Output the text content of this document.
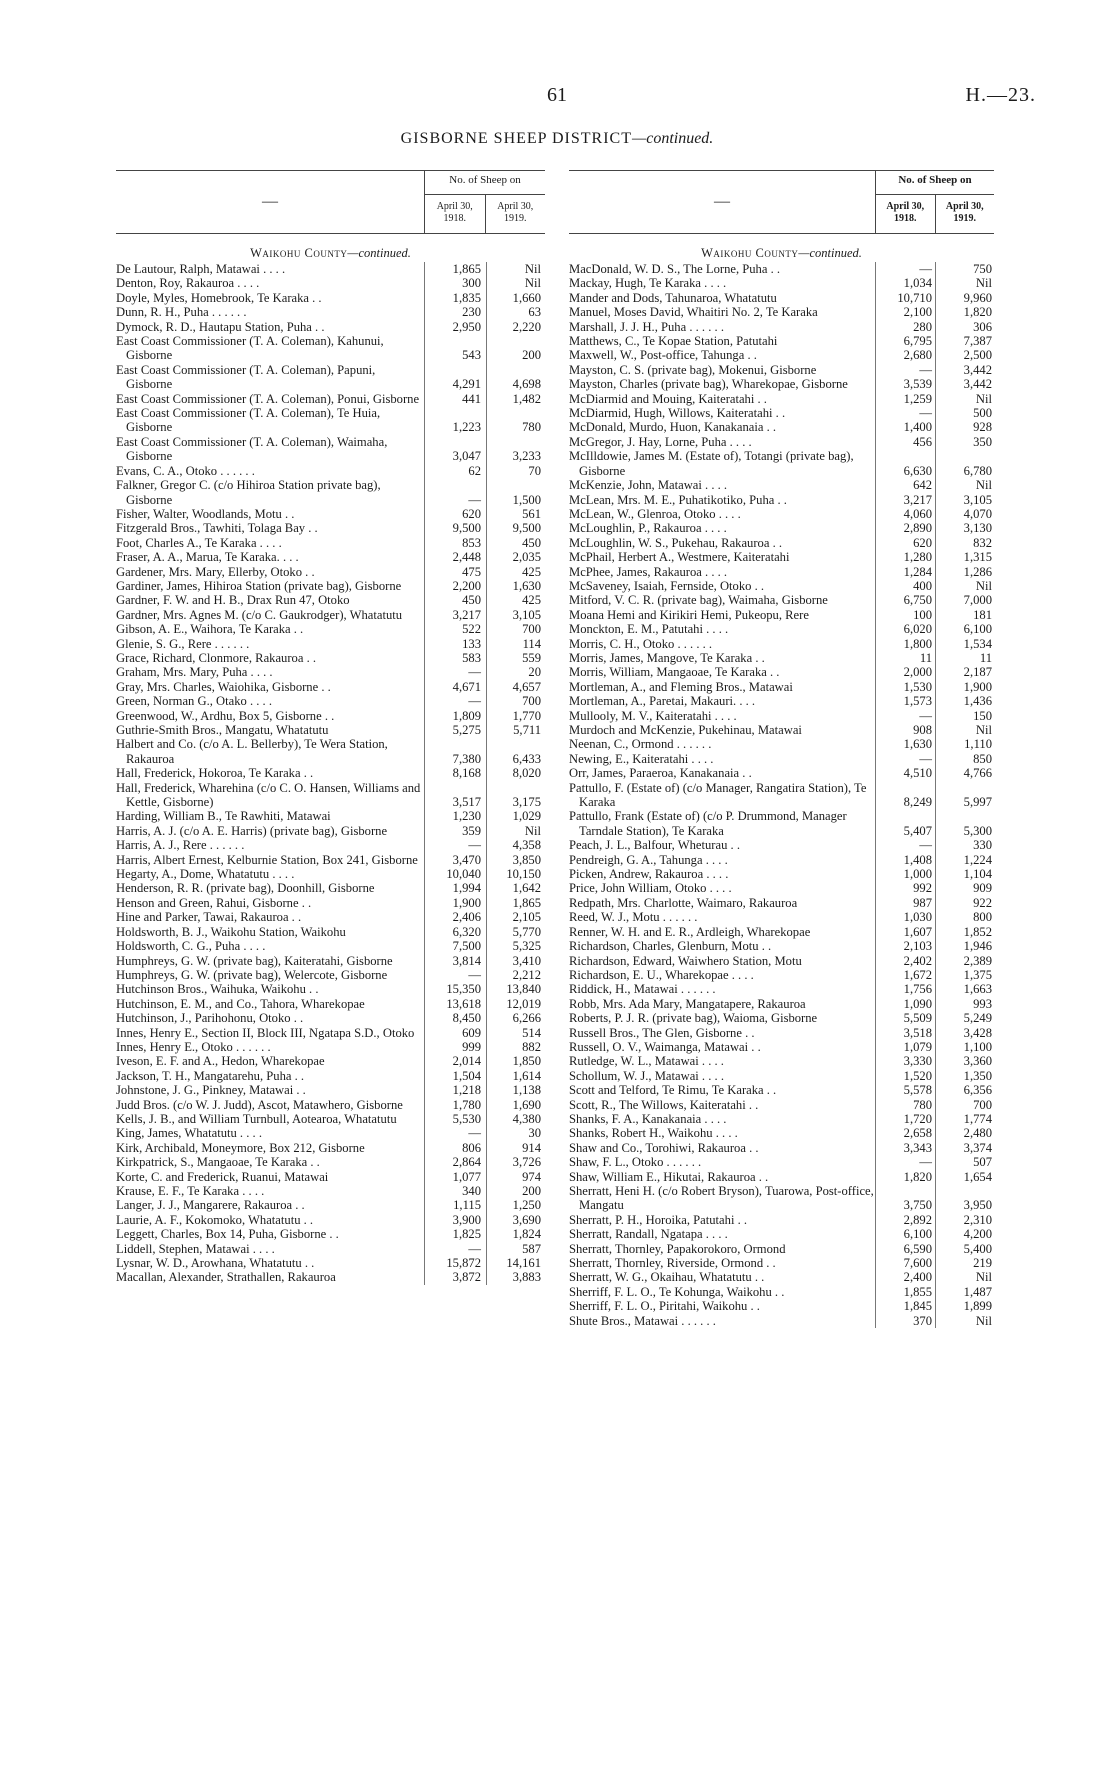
61	H.—23.
GISBORNE SHEEP DISTRICT—continued.
—
No. of Sheep on
April 30, 1918.
April 30, 1919.
Waikohu County—continued.
De Lautour, Ralph, Matawai . . . .	1,865	Nil
Denton, Roy, Rakauroa . . . .	300	Nil
Doyle, Myles, Homebrook, Te Karaka . .	1,835	1,660
Dunn, R. H., Puha . . . . . .	230	63
Dymock, R. D., Hautapu Station, Puha . .	2,950	2,220
East Coast Commissioner (T. A. Coleman), Kahunui, Gisborne	543	200
East Coast Commissioner (T. A. Coleman), Papuni, Gisborne	4,291	4,698
East Coast Commissioner (T. A. Coleman), Ponui, Gisborne	441	1,482
East Coast Commissioner (T. A. Coleman), Te Huia, Gisborne	1,223	780
East Coast Commissioner (T. A. Coleman), Waimaha, Gisborne	3,047	3,233
Evans, C. A., Otoko . . . . . .	62	70
Falkner, Gregor C. (c/o Hihiroa Station private bag), Gisborne	—	1,500
Fisher, Walter, Woodlands, Motu . .	620	561
Fitzgerald Bros., Tawhiti, Tolaga Bay . .	9,500	9,500
Foot, Charles A., Te Karaka . . . .	853	450
Fraser, A. A., Marua, Te Karaka. . . .	2,448	2,035
Gardener, Mrs. Mary, Ellerby, Otoko . .	475	425
Gardiner, James, Hihiroa Station (private bag), Gisborne	2,200	1,630
Gardner, F. W. and H. B., Drax Run 47, Otoko	450	425
Gardner, Mrs. Agnes M. (c/o C. Gaukrodger), Whatatutu	3,217	3,105
Gibson, A. E., Waihora, Te Karaka . .	522	700
Glenie, S. G., Rere . . . . . .	133	114
Grace, Richard, Clonmore, Rakauroa . .	583	559
Graham, Mrs. Mary, Puha . . . .	—	20
Gray, Mrs. Charles, Waiohika, Gisborne . .	4,671	4,657
Green, Norman G., Otako . . . .	—	700
Greenwood, W., Ardhu, Box 5, Gisborne . .	1,809	1,770
Guthrie-Smith Bros., Mangatu, Whatatutu	5,275	5,711
Halbert and Co. (c/o A. L. Bellerby), Te Wera Station, Rakauroa	7,380	6,433
Hall, Frederick, Hokoroa, Te Karaka . .	8,168	8,020
Hall, Frederick, Wharehina (c/o C. O. Hansen, Williams and Kettle, Gisborne)	3,517	3,175
Harding, William B., Te Rawhiti, Matawai	1,230	1,029
Harris, A. J. (c/o A. E. Harris) (private bag), Gisborne	359	Nil
Harris, A. J., Rere . . . . . .	—	4,358
Harris, Albert Ernest, Kelburnie Station, Box 241, Gisborne	3,470	3,850
Hegarty, A., Dome, Whatatutu . . . .	10,040	10,150
Henderson, R. R. (private bag), Doonhill, Gisborne	1,994	1,642
Henson and Green, Rahui, Gisborne . .	1,900	1,865
Hine and Parker, Tawai, Rakauroa . .	2,406	2,105
Holdsworth, B. J., Waikohu Station, Waikohu	6,320	5,770
Holdsworth, C. G., Puha . . . .	7,500	5,325
Humphreys, G. W. (private bag), Kaiteratahi, Gisborne	3,814	3,410
Humphreys, G. W. (private bag), Welercote, Gisborne	—	2,212
Hutchinson Bros., Waihuka, Waikohu . .	15,350	13,840
Hutchinson, E. M., and Co., Tahora, Wharekopae	13,618	12,019
Hutchinson, J., Parihohonu, Otoko . .	8,450	6,266
Innes, Henry E., Section II, Block III, Ngatapa S.D., Otoko	609	514
Innes, Henry E., Otoko . . . . . .	999	882
Iveson, E. F. and A., Hedon, Wharekopae	2,014	1,850
Jackson, T. H., Mangatarehu, Puha . .	1,504	1,614
Johnstone, J. G., Pinkney, Matawai . .	1,218	1,138
Judd Bros. (c/o W. J. Judd), Ascot, Matawhero, Gisborne	1,780	1,690
Kells, J. B., and William Turnbull, Aotearoa, Whatatutu	5,530	4,380
King, James, Whatatutu . . . .	—	30
Kirk, Archibald, Moneymore, Box 212, Gisborne	806	914
Kirkpatrick, S., Mangaoae, Te Karaka . .	2,864	3,726
Korte, C. and Frederick, Ruanui, Matawai	1,077	974
Krause, E. F., Te Karaka . . . .	340	200
Langer, J. J., Mangarere, Rakauroa . .	1,115	1,250
Laurie, A. F., Kokomoko, Whatatutu . .	3,900	3,690
Leggett, Charles, Box 14, Puha, Gisborne . .	1,825	1,824
Liddell, Stephen, Matawai . . . .	—	587
Lysnar, W. D., Arowhana, Whatatutu . .	15,872	14,161
Macallan, Alexander, Strathallen, Rakauroa	3,872	3,883
—
No. of Sheep on
April 30, 1918.
April 30, 1919.
Waikohu County—continued.
MacDonald, W. D. S., The Lorne, Puha . .	—	750
Mackay, Hugh, Te Karaka . . . .	1,034	Nil
Mander and Dods, Tahunaroa, Whatatutu	10,710	9,960
Manuel, Moses David, Whaitiri No. 2, Te Karaka	2,100	1,820
Marshall, J. J. H., Puha . . . . . .	280	306
Matthews, C., Te Kopae Station, Patutahi	6,795	7,387
Maxwell, W., Post-office, Tahunga . .	2,680	2,500
Mayston, C. S. (private bag), Mokenui, Gisborne	—	3,442
Mayston, Charles (private bag), Wharekopae, Gisborne	3,539	3,442
McDiarmid and Mouing, Kaiteratahi . .	1,259	Nil
McDiarmid, Hugh, Willows, Kaiteratahi . .	—	500
McDonald, Murdo, Huon, Kanakanaia . .	1,400	928
McGregor, J. Hay, Lorne, Puha . . . .	456	350
McIlldowie, James M. (Estate of), Totangi (private bag), Gisborne	6,630	6,780
McKenzie, John, Matawai . . . .	642	Nil
McLean, Mrs. M. E., Puhatikotiko, Puha . .	3,217	3,105
McLean, W., Glenroa, Otoko . . . .	4,060	4,070
McLoughlin, P., Rakauroa . . . .	2,890	3,130
McLoughlin, W. S., Pukehau, Rakauroa . .	620	832
McPhail, Herbert A., Westmere, Kaiteratahi	1,280	1,315
McPhee, James, Rakauroa . . . .	1,284	1,286
McSaveney, Isaiah, Fernside, Otoko . .	400	Nil
Mitford, V. C. R. (private bag), Waimaha, Gisborne	6,750	7,000
Moana Hemi and Kirikiri Hemi, Pukeopu, Rere	100	181
Monckton, E. M., Patutahi . . . .	6,020	6,100
Morris, C. H., Otoko . . . . . .	1,800	1,534
Morris, James, Mangove, Te Karaka . .	11	11
Morris, William, Mangaoae, Te Karaka . .	2,000	2,187
Mortleman, A., and Fleming Bros., Matawai	1,530	1,900
Mortleman, A., Paretai, Makauri. . . .	1,573	1,436
Mullooly, M. V., Kaiteratahi . . . .	—	150
Murdoch and McKenzie, Pukehinau, Matawai	908	Nil
Neenan, C., Ormond . . . . . .	1,630	1,110
Newing, E., Kaiteratahi . . . .	—	850
Orr, James, Paraeroa, Kanakanaia . .	4,510	4,766
Pattullo, F. (Estate of) (c/o Manager, Rangatira Station), Te Karaka	8,249	5,997
Pattullo, Frank (Estate of) (c/o P. Drummond, Manager Tarndale Station), Te Karaka	5,407	5,300
Peach, J. L., Balfour, Wheturau . .	—	330
Pendreigh, G. A., Tahunga . . . .	1,408	1,224
Picken, Andrew, Rakauroa . . . .	1,000	1,104
Price, John William, Otoko . . . .	992	909
Redpath, Mrs. Charlotte, Waimaro, Rakauroa	987	922
Reed, W. J., Motu . . . . . .	1,030	800
Renner, W. H. and E. R., Ardleigh, Wharekopae	1,607	1,852
Richardson, Charles, Glenburn, Motu . .	2,103	1,946
Richardson, Edward, Waiwhero Station, Motu	2,402	2,389
Richardson, E. U., Wharekopae . . . .	1,672	1,375
Riddick, H., Matawai . . . . . .	1,756	1,663
Robb, Mrs. Ada Mary, Mangatapere, Rakauroa	1,090	993
Roberts, P. J. R. (private bag), Waioma, Gisborne	5,509	5,249
Russell Bros., The Glen, Gisborne . .	3,518	3,428
Russell, O. V., Waimanga, Matawai . .	1,079	1,100
Rutledge, W. L., Matawai . . . .	3,330	3,360
Schollum, W. J., Matawai . . . .	1,520	1,350
Scott and Telford, Te Rimu, Te Karaka . .	5,578	6,356
Scott, R., The Willows, Kaiteratahi . .	780	700
Shanks, F. A., Kanakanaia . . . .	1,720	1,774
Shanks, Robert H., Waikohu . . . .	2,658	2,480
Shaw and Co., Torohiwi, Rakauroa . .	3,343	3,374
Shaw, F. L., Otoko . . . . . .	—	507
Shaw, William E., Hikutai, Rakauroa . .	1,820	1,654
Sherratt, Heni H. (c/o Robert Bryson), Tuarowa, Post-office, Mangatu	3,750	3,950
Sherratt, P. H., Horoika, Patutahi . .	2,892	2,310
Sherratt, Randall, Ngatapa . . . .	6,100	4,200
Sherratt, Thornley, Papakorokoro, Ormond	6,590	5,400
Sherratt, Thornley, Riverside, Ormond . .	7,600	219
Sherratt, W. G., Okaihau, Whatatutu . .	2,400	Nil
Sherriff, F. L. O., Te Kohunga, Waikohu . .	1,855	1,487
Sherriff, F. L. O., Piritahi, Waikohu . .	1,845	1,899
Shute Bros., Matawai . . . . . .	370	Nil
